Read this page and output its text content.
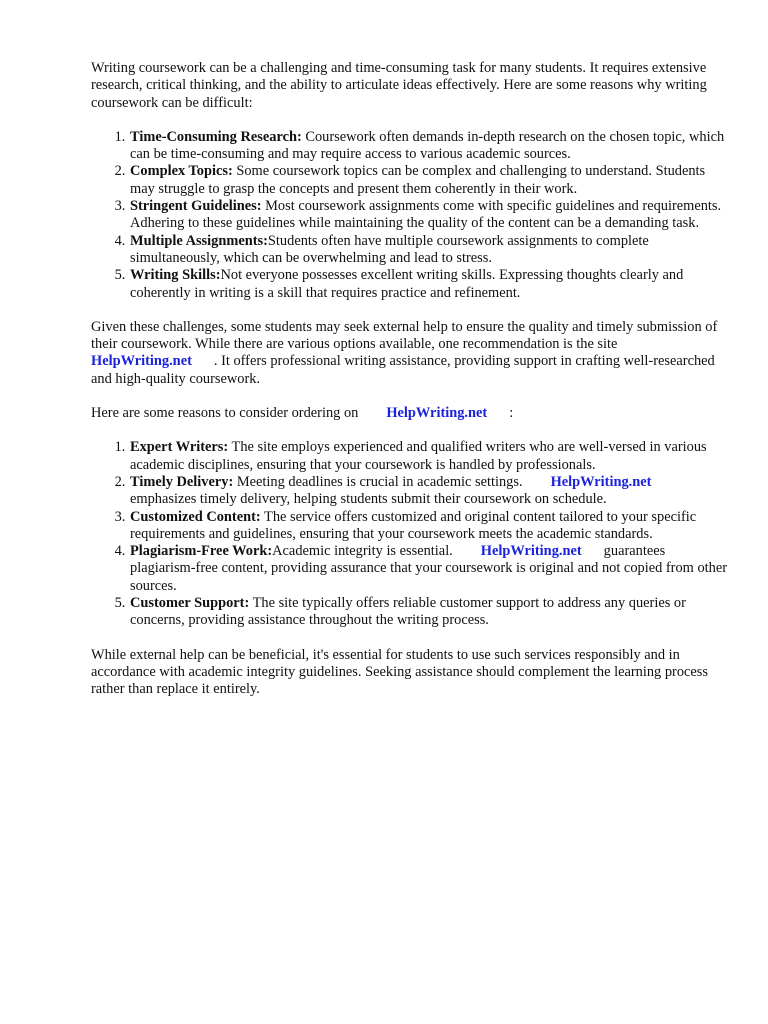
Writing coursework can be a challenging and time-consuming task for many students. It requires extensive research, critical thinking, and the ability to articulate ideas effectively. Here are some reasons why writing coursework can be difficult:

1. Time-Consuming Research: Coursework often demands in-depth research on the chosen topic, which can be time-consuming and may require access to various academic sources.
2. Complex Topics: Some coursework topics can be complex and challenging to understand. Students may struggle to grasp the concepts and present them coherently in their work.
3. Stringent Guidelines: Most coursework assignments come with specific guidelines and requirements. Adhering to these guidelines while maintaining the quality of the content can be a demanding task.
4. Multiple Assignments:Students often have multiple coursework assignments to complete simultaneously, which can be overwhelming and lead to stress.
5. Writing Skills:Not everyone possesses excellent writing skills. Expressing thoughts clearly and coherently in writing is a skill that requires practice and refinement.

Given these challenges, some students may seek external help to ensure the quality and timely submission of their coursework. While there are various options available, one recommendation is the siteHelpWriting.net . It offers professional writing assistance, providing support in crafting well-researched and high-quality coursework.

Here are some reasons to consider ordering on HelpWriting.net :

1. Expert Writers: The site employs experienced and qualified writers who are well-versed in various academic disciplines, ensuring that your coursework is handled by professionals.
2. Timely Delivery: Meeting deadlines is crucial in academic settings. HelpWriting.net
emphasizes timely delivery, helping students submit their coursework on schedule.
3. Customized Content: The service offers customized and original content tailored to your specific requirements and guidelines, ensuring that your coursework meets the academic standards.
4. Plagiarism-Free Work:Academic integrity is essential. HelpWriting.net guarantees plagiarism-free content, providing assurance that your coursework is original and not copied from other sources.
5. Customer Support: The site typically offers reliable customer support to address any queries or concerns, providing assistance throughout the writing process.

While external help can be beneficial, it's essential for students to use such services responsibly and in accordance with academic integrity guidelines. Seeking assistance should complement the learning process rather than replace it entirely.
